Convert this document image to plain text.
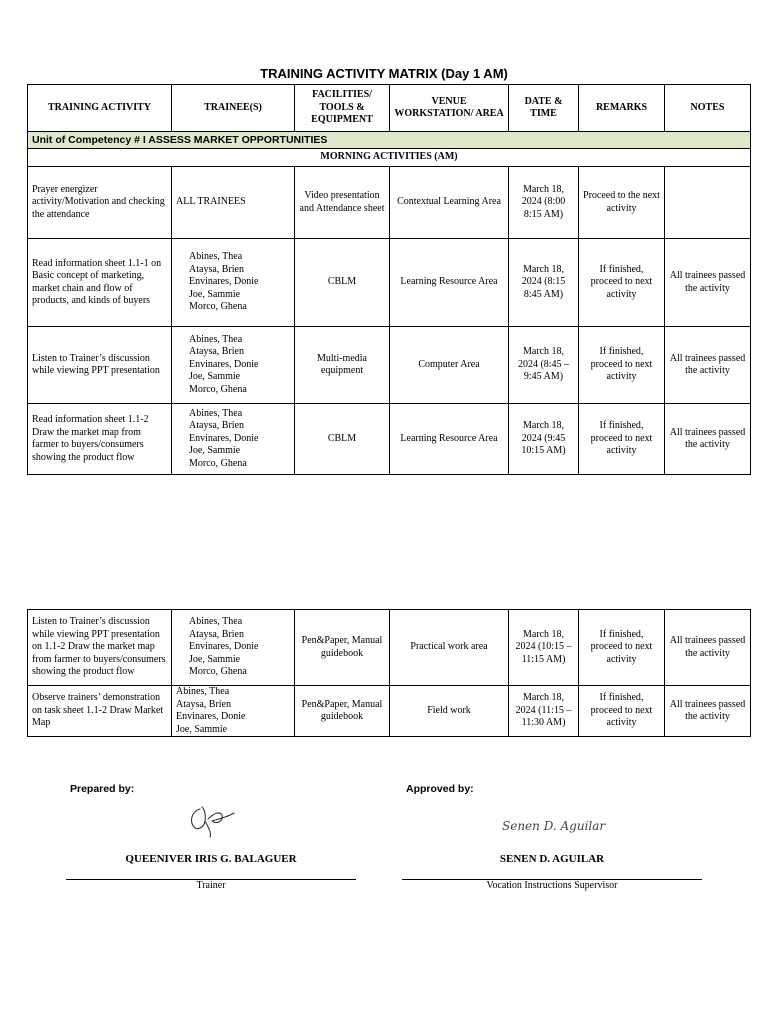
TRAINING ACTIVITY MATRIX (Day 1 AM)
TRAINING ACTIVITY	TRAINEE(S)	FACILITIES/ TOOLS & EQUIPMENT	VENUE WORKSTATION/ AREA	DATE & TIME	REMARKS	NOTES
Unit of Competency # I ASSESS MARKET OPPORTUNITIES						
MORNING ACTIVITIES (AM)						
Prayer energizer activity/Motivation and checking the attendance	ALL TRAINEES	Video presentation and Attendance sheet	Contextual Learning Area	March 18, 2024 (8:00 8:15 AM)	Proceed to the next activity	
Read information sheet 1.1-1 on Basic concept of marketing, market chain and flow of products, and kinds of buyers	Abines, Thea
Ataysa, Brien
Envinares, Donie
Joe, Sammie
Morco, Ghena	CBLM	Learning Resource Area	March 18, 2024 (8:15 8:45 AM)	If finished, proceed to next activity	All trainees passed the activity
Listen to Trainer’s discussion while viewing PPT presentation	Abines, Thea
Ataysa, Brien
Envinares, Donie
Joe, Sammie
Morco, Ghena	Multi-media equipment	Computer Area	March 18, 2024 (8:45 – 9:45 AM)	If finished, proceed to next activity	All trainees passed the activity
Read information sheet 1.1-2 Draw the market map from farmer to buyers/consumers showing the product flow	Abines, Thea
Ataysa, Brien
Envinares, Donie
Joe, Sammie
Morco, Ghena	CBLM	Learning Resource Area	March 18, 2024 (9:45 10:15 AM)	If finished, proceed to next activity	All trainees passed the activity
Listen to Trainer’s discussion while viewing PPT presentation on 1.1-2 Draw the market map from farmer to buyers/consumers showing the product flow	Abines, Thea
Ataysa, Brien
Envinares, Donie
Joe, Sammie
Morco, Ghena	Pen&Paper, Manual guidebook	Practical work area	March 18, 2024 (10:15 – 11:15 AM)	If finished, proceed to next activity	All trainees passed the activity
Observe trainers’ demonstration on task sheet 1.1-2 Draw Market Map	Abines, Thea
Ataysa, Brien
Envinares, Donie
Joe, Sammie	Pen&Paper, Manual guidebook	Field work	March 18, 2024 (11:15 – 11:30 AM)	If finished, proceed to next activity	All trainees passed the activity
Prepared by:
QUEENIVER IRIS G. BALAGUER
Trainer
Approved by:
Senen D. Aguilar
SENEN D. AGUILAR
Vocation Instructions Supervisor
